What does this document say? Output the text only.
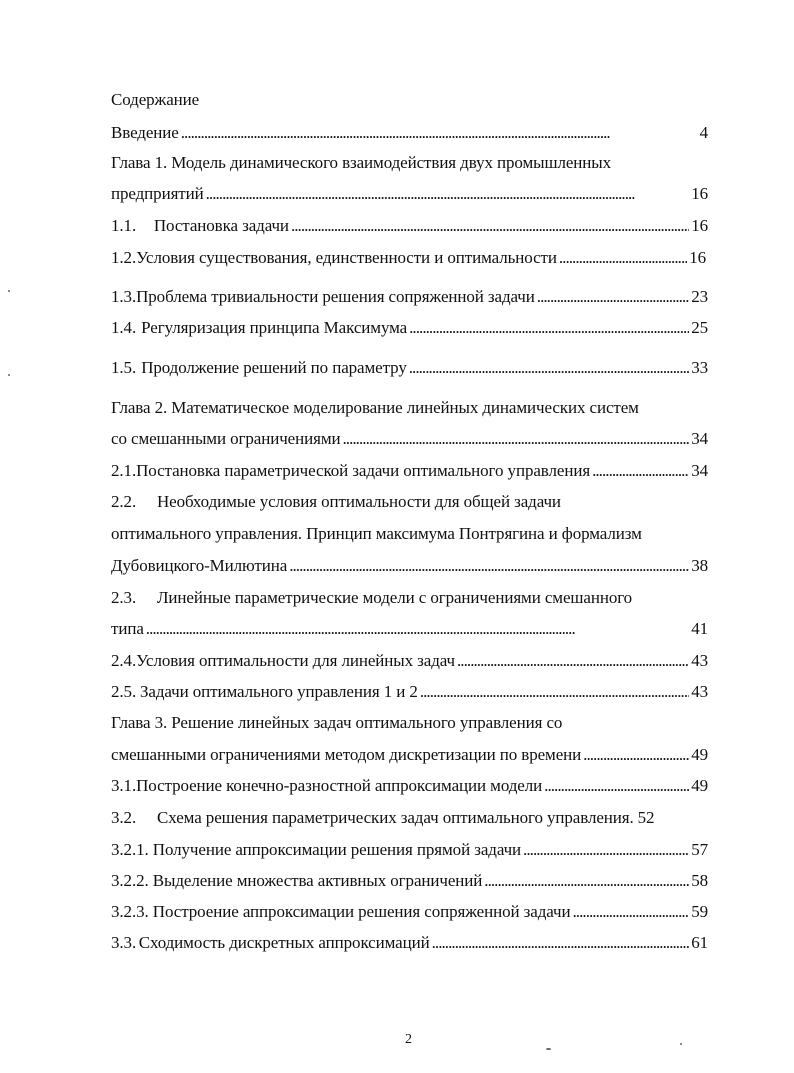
Содержание
Введение . . .	4
Глава 1. Модель динамического взаимодействия двух промышленных
предприятий . . .	16
1.1.	Постановка задачи . . .	16
1.2. Условия существования, единственности и оптимальности . . .	16
1.3. Проблема тривиальности решения сопряженной задачи . . .	23
1.4. Регуляризация принципа Максимума . . .	25
1.5. Продолжение решений по параметру . . .	33
Глава 2. Математическое моделирование линейных динамических систем
со смешанными ограничениями . . .	34
2.1. Постановка параметрической задачи оптимального управления . . .	34
2.2. Необходимые условия оптимальности для общей задачи
оптимального управления. Принцип максимума Понтрягина и формализм
Дубовицкого-Милютина . . .	38
2.3. Линейные параметрические модели с ограничениями смешанного
типа . . .	41
2.4. Условия оптимальности для линейных задач . . .	43
2.5. Задачи оптимального управления 1 и 2 . . .	43
Глава 3. Решение линейных задач оптимального управления со
смешанными ограничениями методом дискретизации по времени . . .	49
3.1. Построение конечно-разностной аппроксимации модели . . .	49
3.2.	Схема решения параметрических задач оптимального управления. 52
3.2.1. Получение аппроксимации решения прямой задачи . . .	57
3.2.2. Выделение множества активных ограничений . . .	58
3.2.3. Построение аппроксимации решения сопряженной задачи . . .	59
3.3. Сходимость дискретных аппроксимаций . . .	61
2
